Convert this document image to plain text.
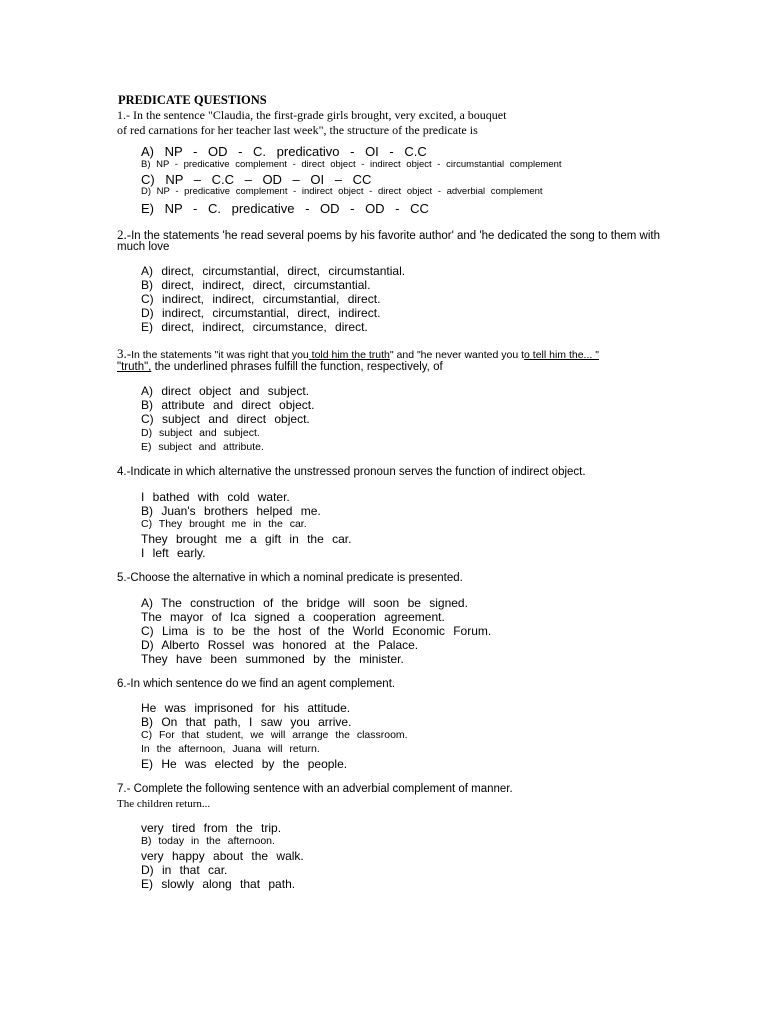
PREDICATE QUESTIONS
1.- In the sentence "Claudia, the first-grade girls brought, very excited, a bouquet
of red carnations for her teacher last week", the structure of the predicate is
A) NP - OD - C. predicativo - OI - C.C
B) NP - predicative complement - direct object - indirect object - circumstantial complement
C) NP – C.C – OD – OI – CC
D) NP - predicative complement - indirect object - direct object - adverbial complement
E) NP - C. predicative - OD - OD - CC
2.-In the statements 'he read several poems by his favorite author' and 'he dedicated the song to them with
much love
A) direct, circumstantial, direct, circumstantial.
B) direct, indirect, direct, circumstantial.
C) indirect, indirect, circumstantial, direct.
D) indirect, circumstantial, direct, indirect.
E) direct, indirect, circumstance, direct.
3.-In the statements "it was right that you told him the truth" and "he never wanted you to tell him the... "
"truth", the underlined phrases fulfill the function, respectively, of
A) direct object and subject.
B) attribute and direct object.
C) subject and direct object.
D) subject and subject.
E) subject and attribute.
4.-Indicate in which alternative the unstressed pronoun serves the function of indirect object.
I bathed with cold water.
B) Juan's brothers helped me.
C) They brought me in the car.
They brought me a gift in the car.
I left early.
5.-Choose the alternative in which a nominal predicate is presented.
A) The construction of the bridge will soon be signed.
The mayor of Ica signed a cooperation agreement.
C) Lima is to be the host of the World Economic Forum.
D) Alberto Rossel was honored at the Palace.
They have been summoned by the minister.
6.-In which sentence do we find an agent complement.
He was imprisoned for his attitude.
B) On that path, I saw you arrive.
C) For that student, we will arrange the classroom.
In the afternoon, Juana will return.
E) He was elected by the people.
7.- Complete the following sentence with an adverbial complement of manner.
The children return...
very tired from the trip.
B) today in the afternoon.
very happy about the walk.
D) in that car.
E) slowly along that path.
